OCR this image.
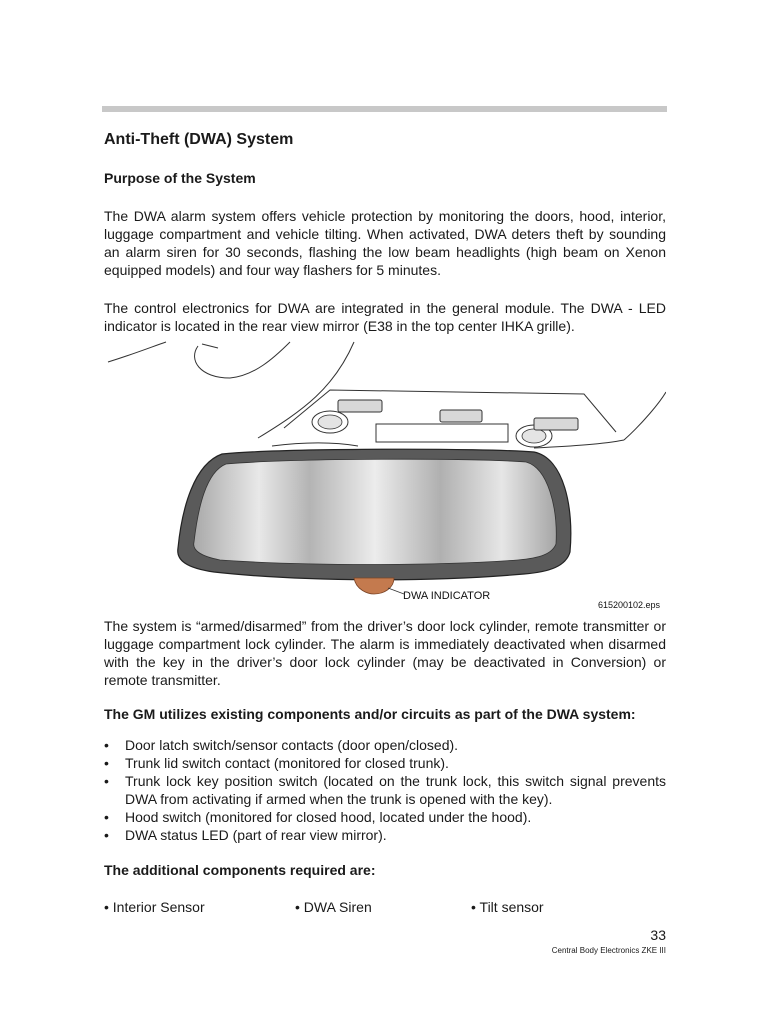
Anti-Theft (DWA) System
Purpose of the System
The DWA alarm system offers vehicle protection by monitoring the doors, hood, interior, luggage compartment and vehicle tilting. When activated, DWA deters theft by sounding an alarm siren for 30 seconds, flashing the low beam headlights (high beam on Xenon equipped models) and four way flashers for 5 minutes.
The control electronics for DWA are integrated in the general module. The DWA - LED indicator is located in the rear view mirror (E38 in the top center IHKA grille).
DWA INDICATOR
615200102.eps
The system is “armed/disarmed” from the driver’s door lock cylinder, remote transmitter or luggage compartment lock cylinder. The alarm is immediately deactivated when disarmed with the key in the driver’s door lock cylinder (may be deactivated in Conversion) or remote transmitter.
The GM utilizes existing components and/or circuits as part of the DWA system:
• Door latch switch/sensor contacts (door open/closed).
• Trunk lid switch contact (monitored for closed trunk).
• Trunk lock key position switch (located on the trunk lock, this switch signal prevents DWA from activating if armed when the trunk is opened with the key).
• Hood switch (monitored for closed hood, located under the hood).
• DWA status LED (part of rear view mirror).
The additional components required are:
• Interior Sensor	• DWA Siren	• Tilt sensor
33
Central Body Electronics ZKE III
